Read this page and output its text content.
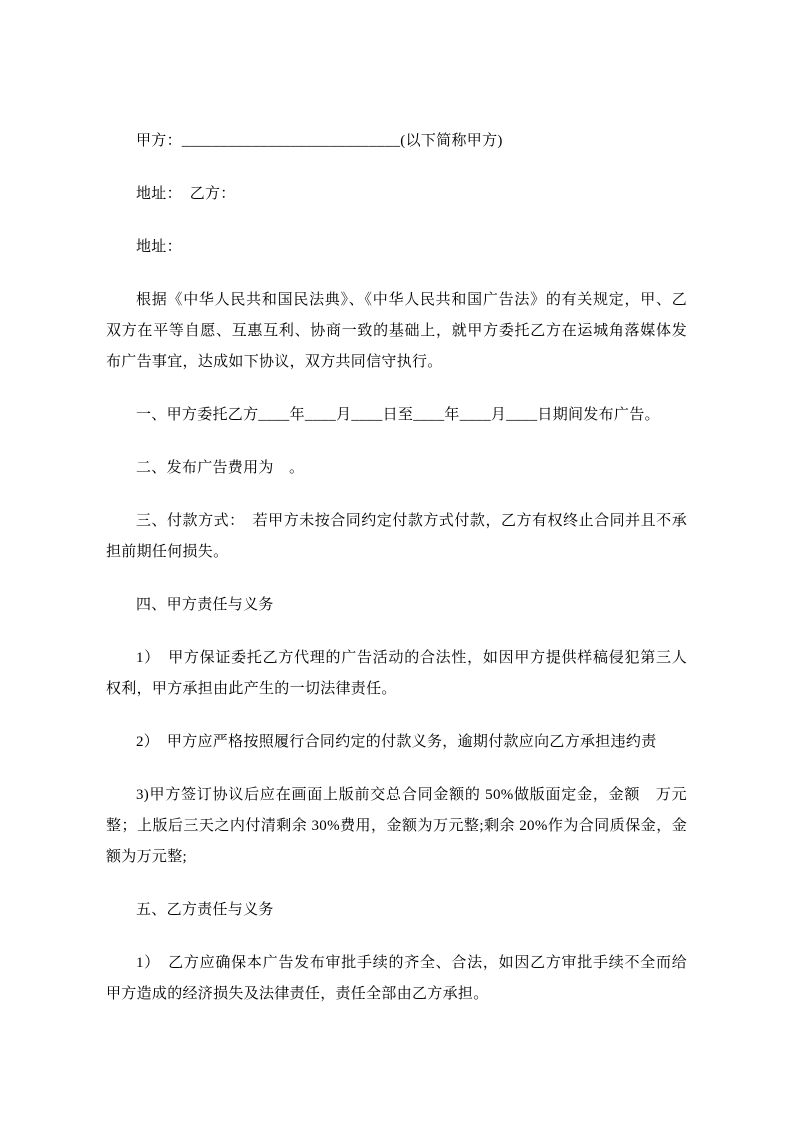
甲方：____________________________(以下简称甲方)

地址：　乙方：

地址：

根据《中华人民共和国民法典》、《中华人民共和国广告法》的有关规定，甲、乙双方在平等自愿、互惠互利、协商一致的基础上，就甲方委托乙方在运城角落媒体发布广告事宜，达成如下协议，双方共同信守执行。

一、甲方委托乙方____年____月____日至____年____月____日期间发布广告。

二、发布广告费用为　。

三、付款方式：　若甲方未按合同约定付款方式付款，乙方有权终止合同并且不承担前期任何损失。

四、甲方责任与义务

1）　甲方保证委托乙方代理的广告活动的合法性，如因甲方提供样稿侵犯第三人权利，甲方承担由此产生的一切法律责任。

2）　甲方应严格按照履行合同约定的付款义务，逾期付款应向乙方承担违约责

3)甲方签订协议后应在画面上版前交总合同金额的 50%做版面定金，金额　万元整；上版后三天之内付清剩余 30%费用，金额为万元整;剩余 20%作为合同质保金，金额为万元整;

五、乙方责任与义务

1）　乙方应确保本广告发布审批手续的齐全、合法，如因乙方审批手续不全而给甲方造成的经济损失及法律责任，责任全部由乙方承担。
